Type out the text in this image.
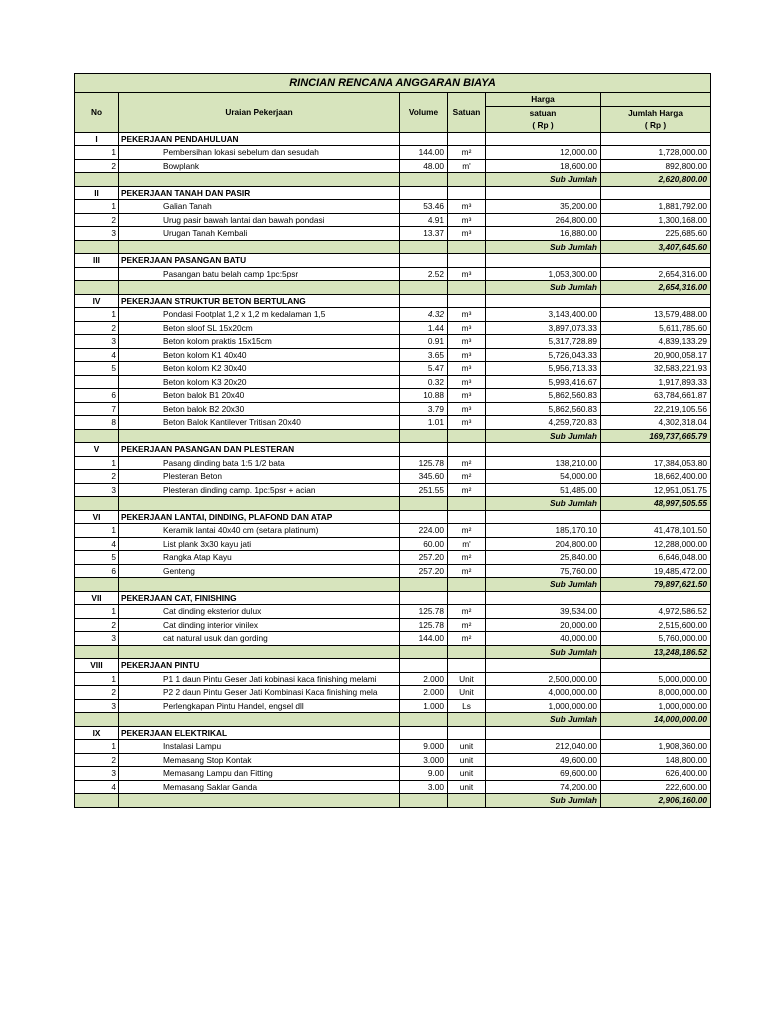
RINCIAN RENCANA ANGGARAN BIAYA					
No	Uraian Pekerjaan	Volume	Satuan	Harga	
				satuan	Jumlah Harga
				( Rp )	( Rp )
I	PEKERJAAN PENDAHULUAN				
1	Pembersihan lokasi sebelum dan sesudah	144.00	m²	12,000.00	1,728,000.00
2	Bowplank	48.00	m'	18,600.00	892,800.00
				Sub Jumlah	2,620,800.00
II	PEKERJAAN TANAH DAN PASIR				
1	Galian Tanah	53.46	m³	35,200.00	1,881,792.00
2	Urug pasir bawah lantai dan bawah pondasi	4.91	m³	264,800.00	1,300,168.00
3	Urugan Tanah Kembali	13.37	m³	16,880.00	225,685.60
				Sub Jumlah	3,407,645.60
III	PEKERJAAN PASANGAN BATU				
	Pasangan batu belah camp 1pc:5psr	2.52	m³	1,053,300.00	2,654,316.00
				Sub Jumlah	2,654,316.00
IV	PEKERJAAN STRUKTUR BETON BERTULANG				
1	Pondasi Footplat 1,2 x 1,2 m kedalaman 1,5	4.32	m³	3,143,400.00	13,579,488.00
2	Beton sloof SL 15x20cm	1.44	m³	3,897,073.33	5,611,785.60
3	Beton kolom praktis 15x15cm	0.91	m³	5,317,728.89	4,839,133.29
4	Beton kolom K1 40x40	3.65	m³	5,726,043.33	20,900,058.17
5	Beton kolom K2 30x40	5.47	m³	5,956,713.33	32,583,221.93
	Beton kolom K3 20x20	0.32	m³	5,993,416.67	1,917,893.33
6	Beton balok B1 20x40	10.88	m³	5,862,560.83	63,784,661.87
7	Beton balok B2 20x30	3.79	m³	5,862,560.83	22,219,105.56
8	Beton Balok Kantilever Tritisan 20x40	1.01	m³	4,259,720.83	4,302,318.04
				Sub Jumlah	169,737,665.79
V	PEKERJAAN PASANGAN DAN PLESTERAN				
1	Pasang dinding bata 1:5 1/2 bata	125.78	m²	138,210.00	17,384,053.80
2	Plesteran Beton	345.60	m²	54,000.00	18,662,400.00
3	Plesteran dinding camp. 1pc:5psr + acian	251.55	m²	51,485.00	12,951,051.75
				Sub Jumlah	48,997,505.55
VI	PEKERJAAN LANTAI, DINDING, PLAFOND DAN ATAP				
1	Keramik lantai 40x40 cm (setara platinum)	224.00	m²	185,170.10	41,478,101.50
4	List plank 3x30 kayu jati	60.00	m'	204,800.00	12,288,000.00
5	Rangka Atap Kayu	257.20	m²	25,840.00	6,646,048.00
6	Genteng	257.20	m²	75,760.00	19,485,472.00
				Sub Jumlah	79,897,621.50
VII	PEKERJAAN CAT, FINISHING				
1	Cat dinding eksterior dulux	125.78	m²	39,534.00	4,972,586.52
2	Cat dinding interior vinilex	125.78	m²	20,000.00	2,515,600.00
3	cat natural usuk dan gording	144.00	m²	40,000.00	5,760,000.00
				Sub Jumlah	13,248,186.52
VIII	PEKERJAAN PINTU				
1	P1 1 daun Pintu Geser Jati kobinasi kaca finishing melami	2.000	Unit	2,500,000.00	5,000,000.00
2	P2 2 daun Pintu Geser Jati Kombinasi Kaca finishing mela	2.000	Unit	4,000,000.00	8,000,000.00
3	Perlengkapan Pintu Handel, engsel dll	1.000	Ls	1,000,000.00	1,000,000.00
				Sub Jumlah	14,000,000.00
IX	PEKERJAAN ELEKTRIKAL				
1	Instalasi Lampu	9.000	unit	212,040.00	1,908,360.00
2	Memasang Stop Kontak	3.000	unit	49,600.00	148,800.00
3	Memasang Lampu dan Fitting	9.00	unit	69,600.00	626,400.00
4	Memasang Saklar Ganda	3.00	unit	74,200.00	222,600.00
				Sub Jumlah	2,906,160.00
